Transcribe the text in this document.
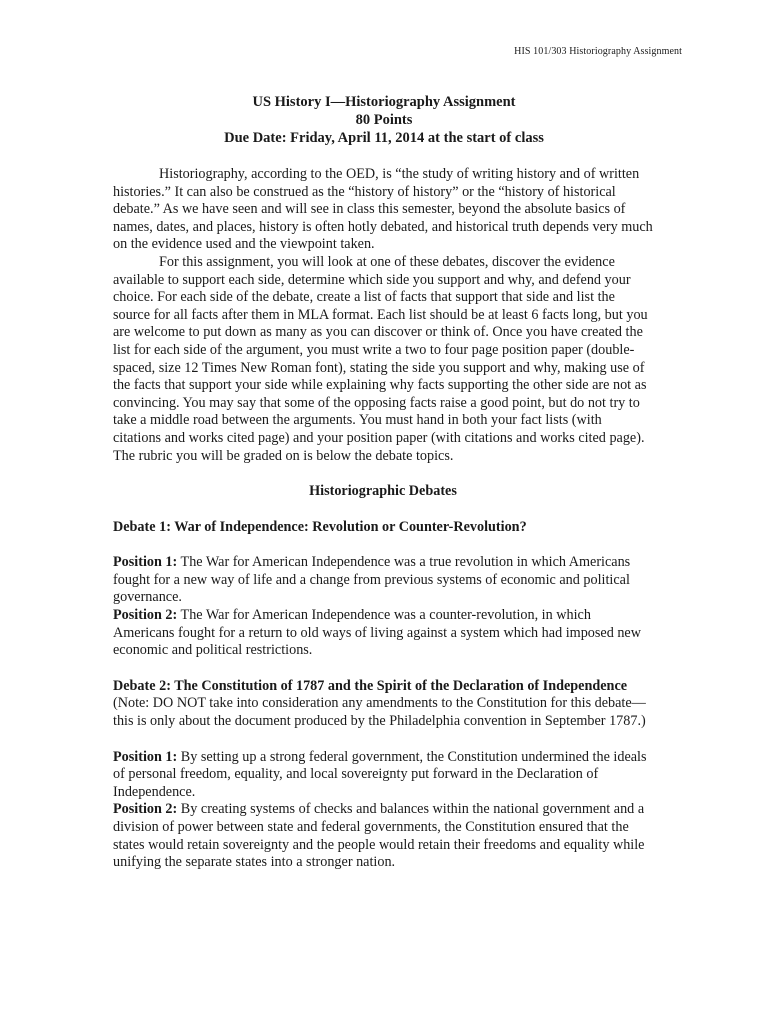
HIS 101/303 Historiography Assignment
US History I—Historiography Assignment
80 Points
Due Date: Friday, April 11, 2014 at the start of class

Historiography, according to the OED, is “the study of writing history and of written histories.” It can also be construed as the “history of history” or the “history of historical debate.” As we have seen and will see in class this semester, beyond the absolute basics of names, dates, and places, history is often hotly debated, and historical truth depends very much on the evidence used and the viewpoint taken.

For this assignment, you will look at one of these debates, discover the evidence available to support each side, determine which side you support and why, and defend your choice. For each side of the debate, create a list of facts that support that side and list the source for all facts after them in MLA format. Each list should be at least 6 facts long, but you are welcome to put down as many as you can discover or think of. Once you have created the list for each side of the argument, you must write a two to four page position paper (double-spaced, size 12 Times New Roman font), stating the side you support and why, making use of the facts that support your side while explaining why facts supporting the other side are not as convincing. You may say that some of the opposing facts raise a good point, but do not try to take a middle road between the arguments. You must hand in both your fact lists (with citations and works cited page) and your position paper (with citations and works cited page). The rubric you will be graded on is below the debate topics.

Historiographic Debates
Debate 1: War of Independence: Revolution or Counter-Revolution?

Position 1: The War for American Independence was a true revolution in which Americans fought for a new way of life and a change from previous systems of economic and political governance.

Position 2: The War for American Independence was a counter-revolution, in which Americans fought for a return to old ways of living against a system which had imposed new economic and political restrictions.

Debate 2: The Constitution of 1787 and the Spirit of the Declaration of Independence (Note: DO NOT take into consideration any amendments to the Constitution for this debate—this is only about the document produced by the Philadelphia convention in September 1787.)

Position 1: By setting up a strong federal government, the Constitution undermined the ideals of personal freedom, equality, and local sovereignty put forward in the Declaration of Independence.

Position 2: By creating systems of checks and balances within the national government and a division of power between state and federal governments, the Constitution ensured that the states would retain sovereignty and the people would retain their freedoms and equality while unifying the separate states into a stronger nation.
